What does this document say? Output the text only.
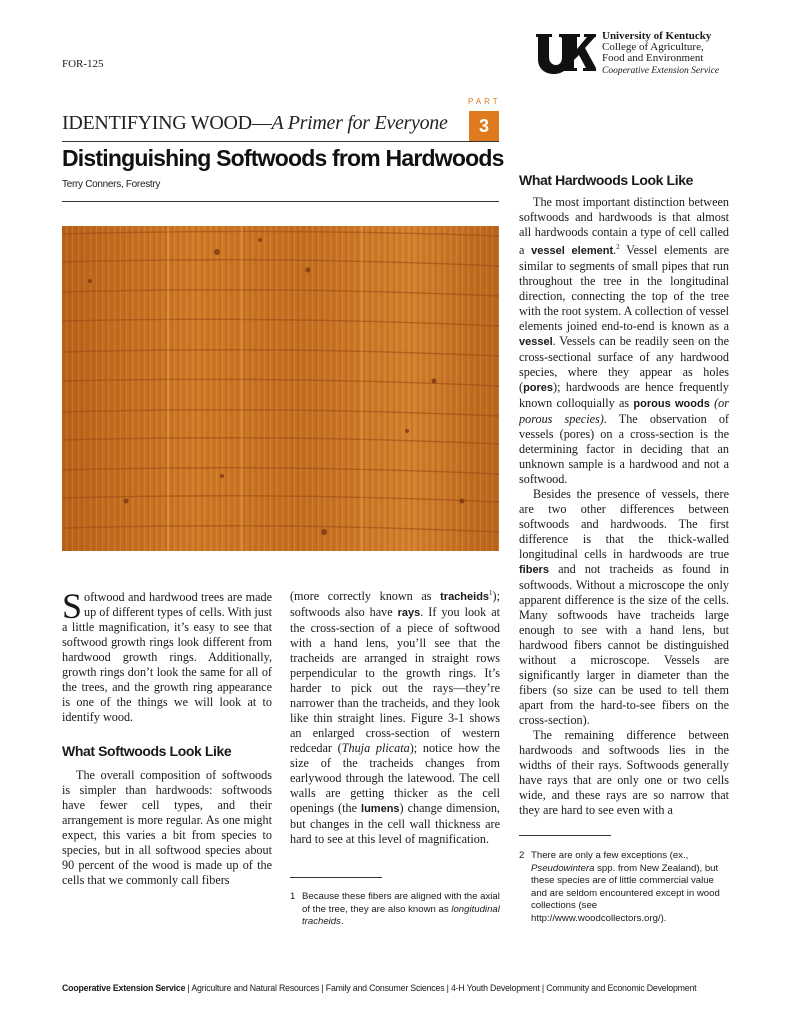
FOR-125
University of Kentucky
College of Agriculture,
Food and Environment
Cooperative Extension Service
PART
3
IDENTIFYING WOOD—A Primer for Everyone
Distinguishing Softwoods from Hardwoods
Terry Conners, Forestry

Softwood and hardwood trees are made up of different types of cells. With just a little magnification, it’s easy to see that softwood growth rings look different from hardwood growth rings. Additionally, growth rings don’t look the same for all of the trees, and the growth ring appearance is one of the things we will look at to identify wood.

What Softwoods Look Like

The overall composition of softwoods is simpler than hardwoods: softwoods have fewer cell types, and their arrangement is more regular. As one might expect, this varies a bit from species to species, but in all softwood species about 90 percent of the wood is made up of the cells that we commonly call fibers

(more correctly known as tracheids$^1$); softwoods also have rays. If you look at the cross-section of a piece of softwood with a hand lens, you’ll see that the tracheids are arranged in straight rows perpendicular to the growth rings. It’s harder to pick out the rays—they’re narrower than the tracheids, and they look like thin straight lines. Figure 3-1 shows an enlarged cross-section of western redcedar (Thuja plicata); notice how the size of the tracheids changes from earlywood through the latewood. The cell walls are getting thicker as the cell openings (the lumens) change dimension, but changes in the cell wall thickness are hard to see at this level of magnification.

What Hardwoods Look Like

The most important distinction between softwoods and hardwoods is that almost all hardwoods contain a type of cell called a vessel element.$^2$ Vessel elements are similar to segments of small pipes that run throughout the tree in the longitudinal direction, connecting the top of the tree with the root system. A collection of vessel elements joined end-to-end is known as a vessel. Vessels can be readily seen on the cross-sectional surface of any hardwood species, where they appear as holes (pores); hardwoods are hence frequently known colloquially as porous woods (or porous species). The observation of vessels (pores) on a cross-section is the determining factor in deciding that an unknown sample is a hardwood and not a softwood.

Besides the presence of vessels, there are two other differences between softwoods and hardwoods. The first difference is that the thick-walled longitudinal cells in hardwoods are true fibers and not tracheids as found in softwoods. Without a microscope the only apparent difference is the size of the cells. Many softwoods have tracheids large enough to see with a hand lens, but hardwood fibers cannot be distinguished without a microscope. Vessels are significantly larger in diameter than the fibers (so size can be used to tell them apart from the hard-to-see fibers on the cross-section).

The remaining difference between hardwoods and softwoods lies in the widths of their rays. Softwoods generally have rays that are only one or two cells wide, and these rays are so narrow that they are hard to see even with a

1 Because these fibers are aligned with the axial of the tree, they are also known as longitudinal tracheids.
2 There are only a few exceptions (ex., Pseudowintera spp. from New Zealand), but these species are of little commercial value and are seldom encountered except in wood collections (see http://www.woodcollectors.org/).
Cooperative Extension Service | Agriculture and Natural Resources | Family and Consumer Sciences | 4-H Youth Development | Community and Economic Development
